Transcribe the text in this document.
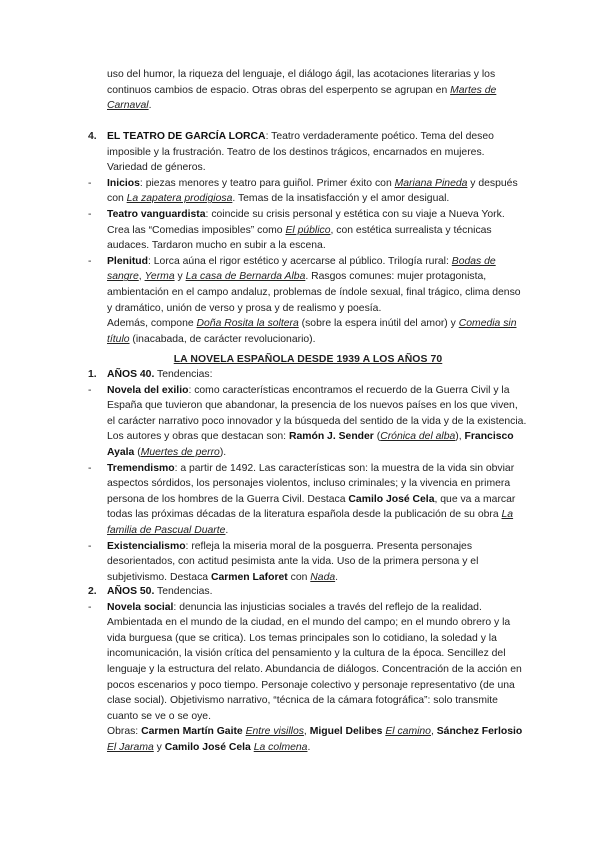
uso del humor, la riqueza del lenguaje, el diálogo ágil, las acotaciones literarias y los continuos cambios de espacio. Otras obras del esperpento se agrupan en Martes de Carnaval.

4. EL TEATRO DE GARCÍA LORCA: Teatro verdaderamente poético. Tema del deseo imposible y la frustración. Teatro de los destinos trágicos, encarnados en mujeres. Variedad de géneros.

- Inicios: piezas menores y teatro para guiñol. Primer éxito con Mariana Pineda y después con La zapatera prodigiosa. Temas de la insatisfacción y el amor desigual.

- Teatro vanguardista: coincide su crisis personal y estética con su viaje a Nueva York. Crea las “Comedias imposibles” como El público, con estética surrealista y técnicas audaces. Tardaron mucho en subir a la escena.

- Plenitud: Lorca aúna el rigor estético y acercarse al público. Trilogía rural: Bodas de sangre, Yerma y La casa de Bernarda Alba. Rasgos comunes: mujer protagonista, ambientación en el campo andaluz, problemas de índole sexual, final trágico, clima denso y dramático, unión de verso y prosa y de realismo y poesía.

Además, compone Doña Rosita la soltera (sobre la espera inútil del amor) y Comedia sin título (inacabada, de carácter revolucionario).

LA NOVELA ESPAÑOLA DESDE 1939 A LOS AÑOS 70

1. AÑOS 40. Tendencias:

- Novela del exilio: como características encontramos el recuerdo de la Guerra Civil y la España que tuvieron que abandonar, la presencia de los nuevos países en los que viven, el carácter narrativo poco innovador y la búsqueda del sentido de la vida y de la existencia. Los autores y obras que destacan son: Ramón J. Sender (Crónica del alba), Francisco Ayala (Muertes de perro).

- Tremendismo: a partir de 1492. Las características son: la muestra de la vida sin obviar aspectos sórdidos, los personajes violentos, incluso criminales; y la vivencia en primera persona de los hombres de la Guerra Civil. Destaca Camilo José Cela, que va a marcar todas las próximas décadas de la literatura española desde la publicación de su obra La familia de Pascual Duarte.

- Existencialismo: refleja la miseria moral de la posguerra. Presenta personajes desorientados, con actitud pesimista ante la vida. Uso de la primera persona y el subjetivismo. Destaca Carmen Laforet con Nada.

2. AÑOS 50. Tendencias.

- Novela social: denuncia las injusticias sociales a través del reflejo de la realidad. Ambientada en el mundo de la ciudad, en el mundo del campo; en el mundo obrero y la vida burguesa (que se critica). Los temas principales son lo cotidiano, la soledad y la incomunicación, la visión crítica del pensamiento y la cultura de la época. Sencillez del lenguaje y la estructura del relato. Abundancia de diálogos. Concentración de la acción en pocos escenarios y poco tiempo. Personaje colectivo y personaje representativo (de una clase social). Objetivismo narrativo, “técnica de la cámara fotográfica”: solo transmite cuanto se ve o se oye.

Obras: Carmen Martín Gaite Entre visillos, Miguel Delibes El camino, Sánchez Ferlosio El Jarama y Camilo José Cela La colmena.
